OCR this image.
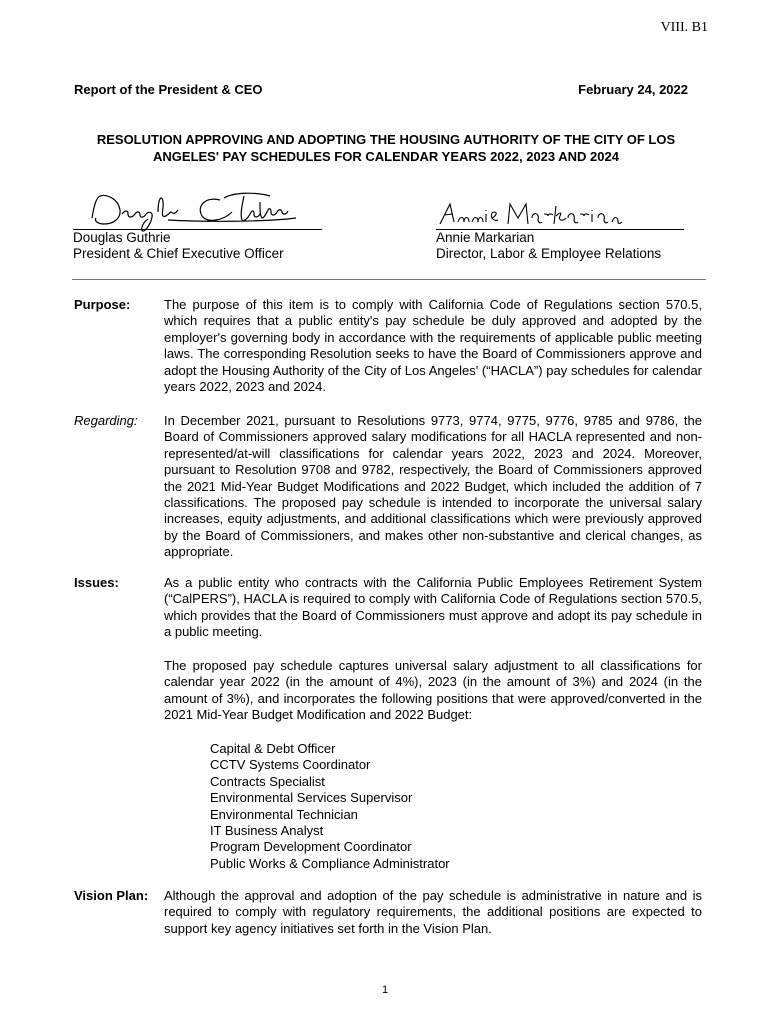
VIII. B1
Report of the President & CEO	February 24, 2022
RESOLUTION APPROVING AND ADOPTING THE HOUSING AUTHORITY OF THE CITY OF LOS
ANGELES' PAY SCHEDULES FOR CALENDAR YEARS 2022, 2023 AND 2024
Douglas Guthrie
President & Chief Executive Officer
Annie Markarian
Director, Labor & Employee Relations
Purpose:	The purpose of this item is to comply with California Code of Regulations section 570.5, which requires that a public entity's pay schedule be duly approved and adopted by the employer's governing body in accordance with the requirements of applicable public meeting laws. The corresponding Resolution seeks to have the Board of Commissioners approve and adopt the Housing Authority of the City of Los Angeles' (“HACLA”) pay schedules for calendar years 2022, 2023 and 2024.
Regarding: In December 2021, pursuant to Resolutions 9773, 9774, 9775, 9776, 9785 and 9786, the Board of Commissioners approved salary modifications for all HACLA represented and non-represented/at-will classifications for calendar years 2022, 2023 and 2024. Moreover, pursuant to Resolution 9708 and 9782, respectively, the Board of Commissioners approved the 2021 Mid-Year Budget Modifications and 2022 Budget, which included the addition of 7 classifications. The proposed pay schedule is intended to incorporate the universal salary increases, equity adjustments, and additional classifications which were previously approved by the Board of Commissioners, and makes other non-substantive and clerical changes, as appropriate.
Issues:	As a public entity who contracts with the California Public Employees Retirement System (“CalPERS”), HACLA is required to comply with California Code of Regulations section 570.5, which provides that the Board of Commissioners must approve and adopt its pay schedule in a public meeting.
The proposed pay schedule captures universal salary adjustment to all classifications for calendar year 2022 (in the amount of 4%), 2023 (in the amount of 3%) and 2024 (in the amount of 3%), and incorporates the following positions that were approved/converted in the 2021 Mid-Year Budget Modification and 2022 Budget:
Capital & Debt Officer
CCTV Systems Coordinator
Contracts Specialist
Environmental Services Supervisor
Environmental Technician
IT Business Analyst
Program Development Coordinator
Public Works & Compliance Administrator
Vision Plan: Although the approval and adoption of the pay schedule is administrative in nature and is required to comply with regulatory requirements, the additional positions are expected to support key agency initiatives set forth in the Vision Plan.
1
